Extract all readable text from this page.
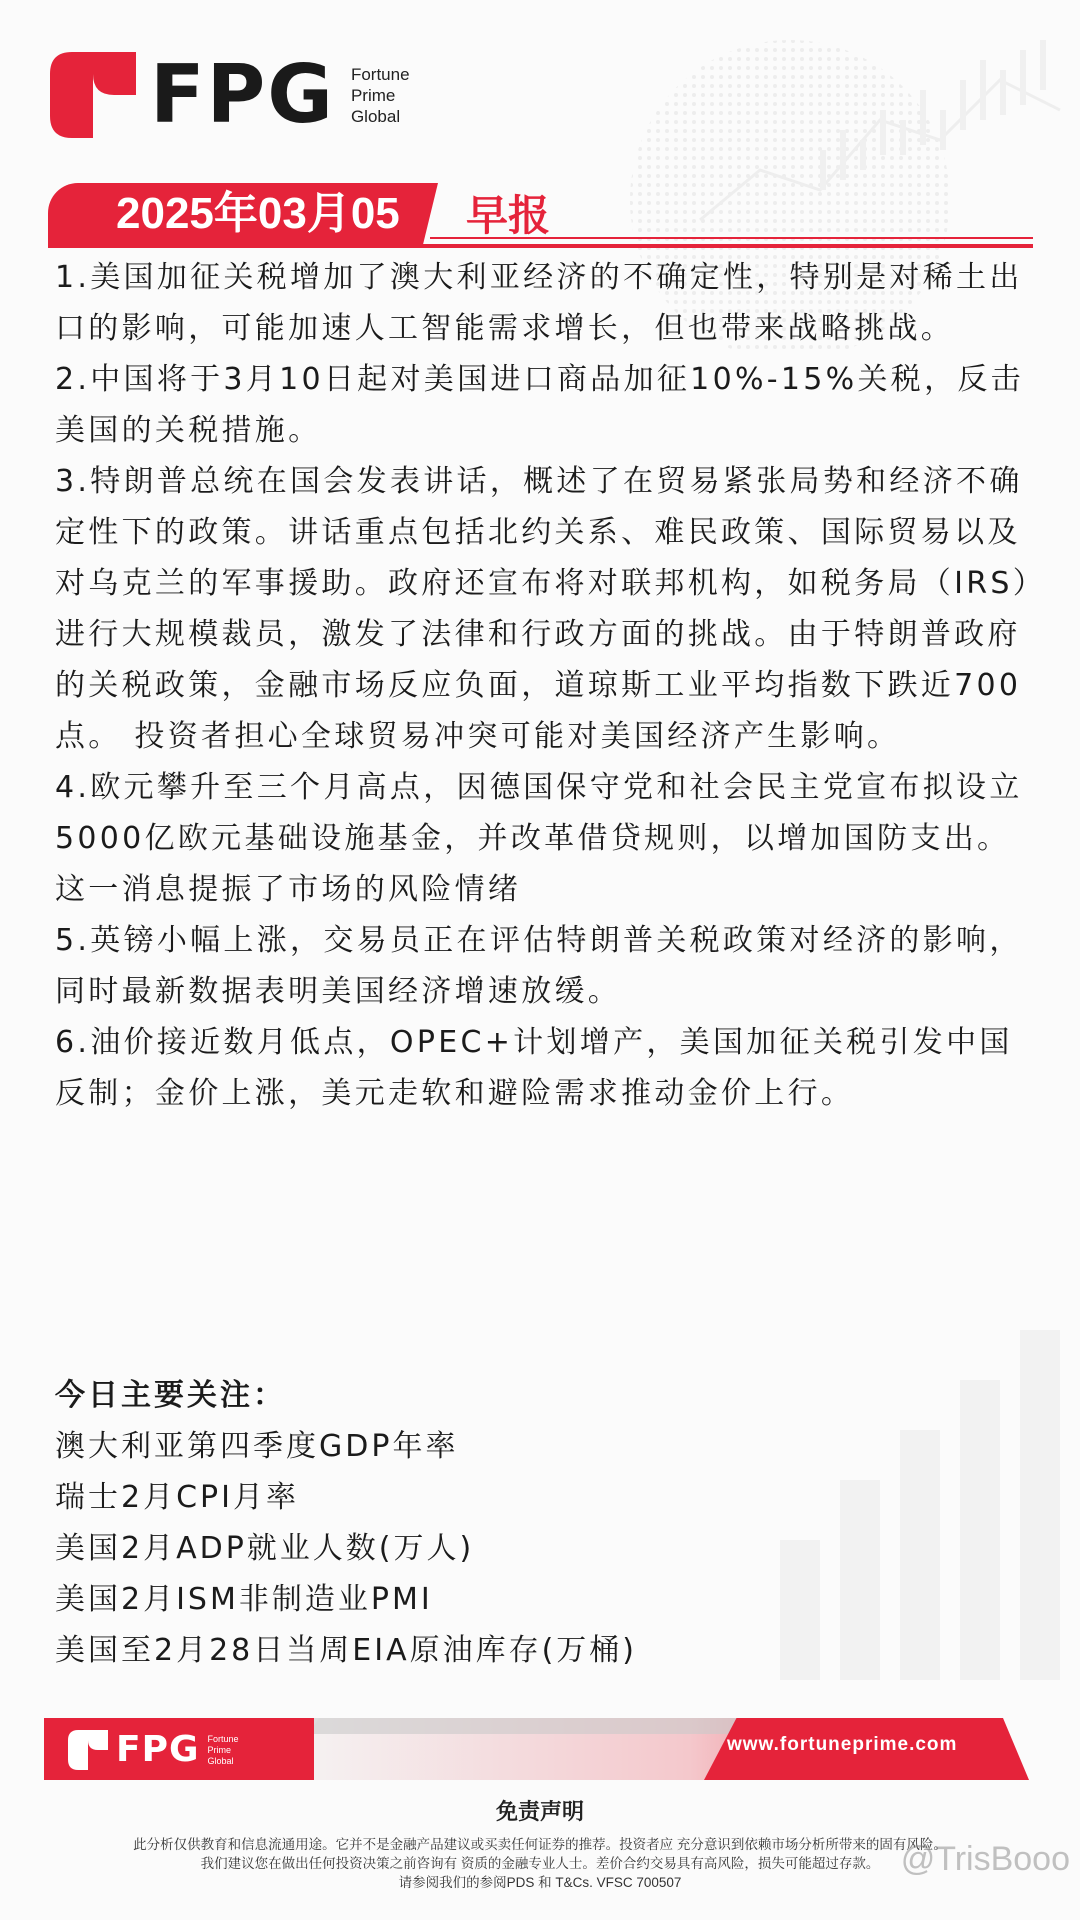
FPG Fortune
Prime
Global
2025年03月05 早报

1.美国加征关税增加了澳大利亚经济的不确定性，特别是对稀土出口的影响，可能加速人工智能需求增长，但也带来战略挑战。

2.中国将于3月10日起对美国进口商品加征10%-15%关税，反击美国的关税措施。

3.特朗普总统在国会发表讲话，概述了在贸易紧张局势和经济不确定性下的政策。讲话重点包括北约关系、难民政策、国际贸易以及对乌克兰的军事援助。政府还宣布将对联邦机构，如税务局（IRS）进行大规模裁员，激发了法律和行政方面的挑战。由于特朗普政府的关税政策，金融市场反应负面，道琼斯工业平均指数下跌近700点。 投资者担心全球贸易冲突可能对美国经济产生影响。

4.欧元攀升至三个月高点，因德国保守党和社会民主党宣布拟设立5000亿欧元基础设施基金，并改革借贷规则，以增加国防支出。这一消息提振了市场的风险情绪

5.英镑小幅上涨，交易员正在评估特朗普关税政策对经济的影响，同时最新数据表明美国经济增速放缓。

6.油价接近数月低点，OPEC+计划增产，美国加征关税引发中国反制；金价上涨，美元走软和避险需求推动金价上行。

今日主要关注：
澳大利亚第四季度GDP年率
瑞士2月CPI月率
美国2月ADP就业人数(万人)
美国2月ISM非制造业PMI
美国至2月28日当周EIA原油库存(万桶)
FPG Fortune
Prime
Global
www.fortuneprime.com
免责声明
此分析仅供教育和信息流通用途。它并不是金融产品建议或买卖任何证券的推荐。投资者应 充分意识到依赖市场分析所带来的固有风险。
我们建议您在做出任何投资决策之前咨询有 资质的金融专业人士。差价合约交易具有高风险，损失可能超过存款。
请参阅我们的参阅PDS 和 T&Cs. VFSC 700507
@TrisBooo
